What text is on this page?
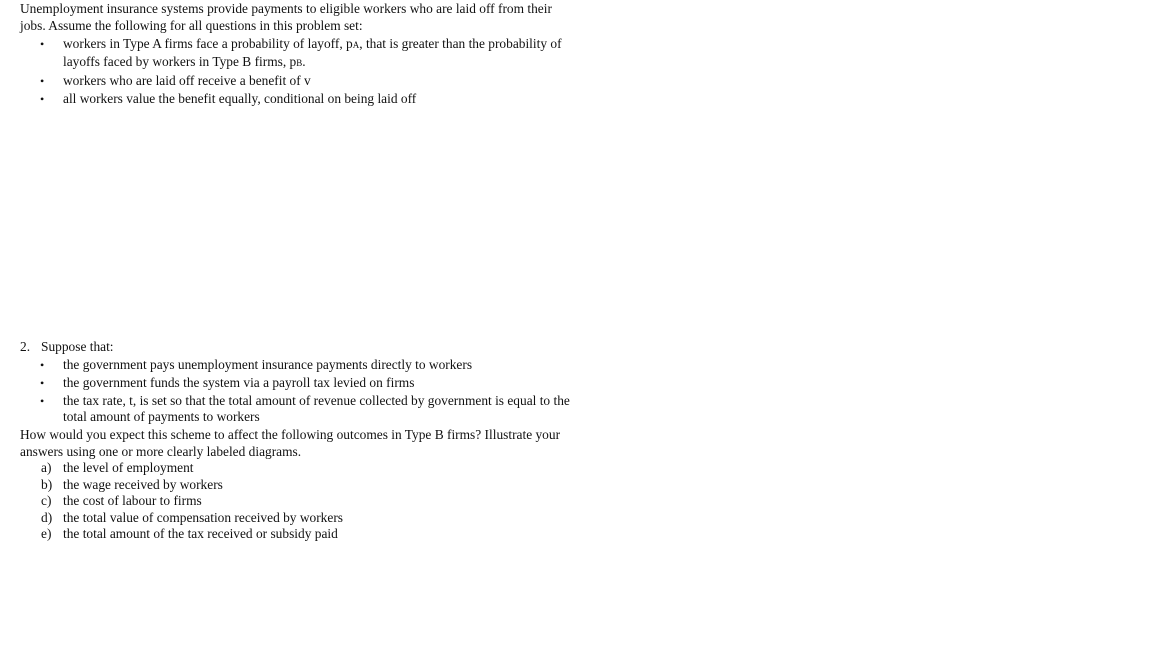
Unemployment insurance systems provide payments to eligible workers who are laid off from their jobs. Assume the following for all questions in this problem set:

• workers in Type A firms face a probability of layoff, pA, that is greater than the probability of layoffs faced by workers in Type B firms, pB.
• workers who are laid off receive a benefit of v
• all workers value the benefit equally, conditional on being laid off

2. Suppose that:

• the government pays unemployment insurance payments directly to workers
• the government funds the system via a payroll tax levied on firms
• the tax rate, t, is set so that the total amount of revenue collected by government is equal to the total amount of payments to workers

How would you expect this scheme to affect the following outcomes in Type B firms? Illustrate your answers using one or more clearly labeled diagrams.

a) the level of employment
b) the wage received by workers
c) the cost of labour to firms
d) the total value of compensation received by workers
e) the total amount of the tax received or subsidy paid
